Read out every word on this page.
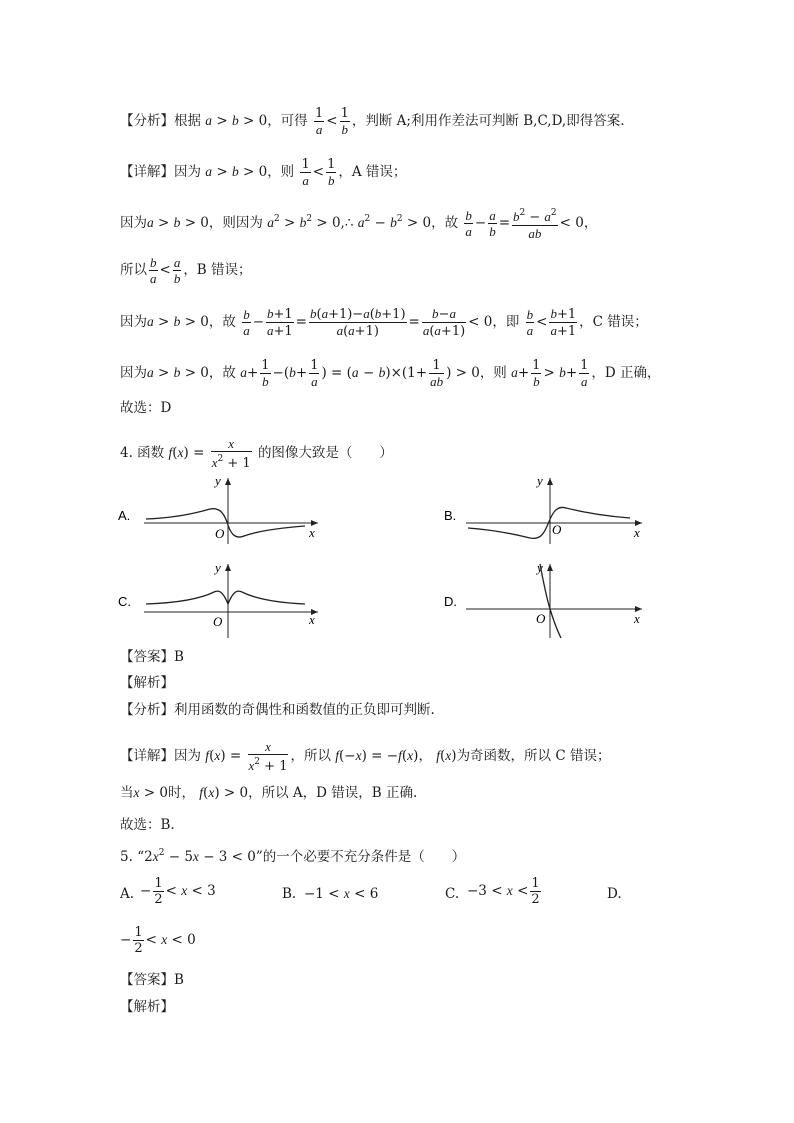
【分析】根据 a > b > 0，可得 $\frac{1}{a} < \frac{1}{b}$ ，判断 A;利用作差法可判断 B,C,D,即得答案.
【详解】因为 a > b > 0，则 $\frac{1}{a} < \frac{1}{b}$ ，A 错误；
因为a > b > 0，则因为 $a^2 > b^2$ > 0,∴ $a^2 - b^2 > 0$，故 $\frac{b}{a} - \frac{a}{b} = \frac{b^2 - a^2}{ab} < 0$，
所以 $\frac{b}{a} < \frac{a}{b}$ ，B 错误；
因为a > b > 0，故 $\frac{b}{a} - \frac{b+1}{a+1} = \frac{b(a+1)-a(b+1)}{a(a+1)} = \frac{b-a}{a(a+1)} < 0$，即 $\frac{b}{a} < \frac{b+1}{a+1}$ ，C 错误；
因为a > b > 0，故 $a+ \frac{1}{b} -(b+ \frac{1}{a}$ ) = $(a - b)\times(1+ \frac{1}{ab}$ ) > 0，则 $a+ \frac{1}{b} > b+ \frac{1}{a}$ ，D 正确，
故选：D
4. 函数 $f(x) = \frac{x}{x^2 + 1}$ 的图像大致是（　　）
A.
y
O	x
B.
y
O	x
C.
y
O	x
D.
y
O	x
【答案】B
【解析】
【分析】利用函数的奇偶性和函数值的正负即可判断.
【详解】因为 $f(x) = \frac{x}{x^2 + 1}$ ，所以 f(−x) = −f(x)， f(x)为奇函数，所以 C 错误；
当x > 0时， f(x) > 0，所以 A，D 错误，B 正确.
故选：B.
5. “$2x^2 - 5x - 3 < 0$”的一个必要不充分条件是（　　）
A. − $\frac{1}{2} < x < 3$	B. −1 < x < 6	C. $-3 < x < \frac{1}{2}$	D.
− $\frac{1}{2} < x < 0$
【答案】B
【解析】
